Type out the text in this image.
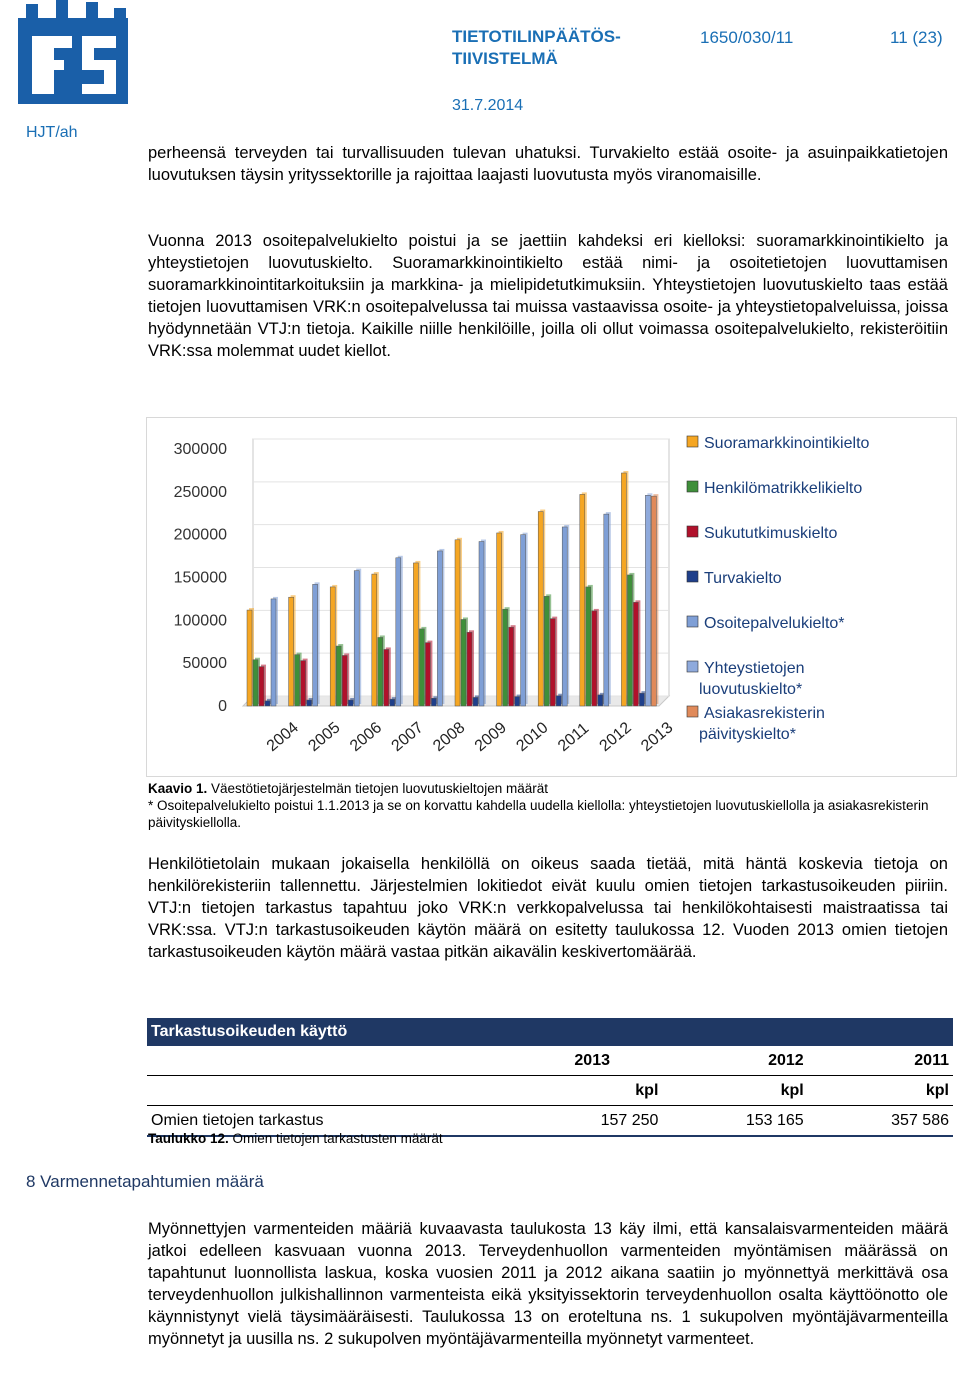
TIETOTILINPÄÄTÖS-
TIIVISTELMÄ
1650/030/11	11 (23)
31.7.2014
HJT/ah

perheensä terveyden tai turvallisuuden tulevan uhatuksi. Turvakielto estää osoite- ja asuinpaikkatietojen luovutuksen täysin yrityssektorille ja rajoittaa laajasti luovutusta myös viranomaisille.

Vuonna 2013 osoitepalvelukielto poistui ja se jaettiin kahdeksi eri kielloksi: suoramarkkinointikielto ja yhteystietojen luovutuskielto. Suoramarkkinointikielto estää nimi- ja osoitetietojen luovuttamisen suoramarkkinointitarkoituksiin ja markkina- ja mielipidetutkimuksiin. Yhteystietojen luovutuskielto taas estää tietojen luovuttamisen VRK:n osoitepalvelussa tai muissa vastaavissa osoite- ja yhteystietopalveluissa, joissa hyödynnetään VTJ:n tietoja. Kaikille niille henkilöille, joilla oli ollut voimassa osoitepalvelukielto, rekisteröitiin VRK:ssa molemmat uudet kiellot.

300000
250000
200000
150000
100000
50000
0
2004 2005 2006 2007 2008 2009 2010 2011 2012 2013
Suoramarkkinointikielto
Henkilömatrikkelikielto
Sukututkimuskielto
Turvakielto
Osoitepalvelukielto*
Yhteystietojen
luovutuskielto*
Asiakasrekisterin
päivityskielto*
Kaavio 1. Väestötietojärjestelmän tietojen luovutuskieltojen määrät
* Osoitepalvelukielto poistui 1.1.2013 ja se on korvattu kahdella uudella kiellolla: yhteystietojen luovutuskiellolla ja asiakasrekisterin päivityskiellolla.

Henkilötietolain mukaan jokaisella henkilöllä on oikeus saada tietää, mitä häntä koskevia tietoja on henkilörekisteriin tallennettu. Järjestelmien lokitiedot eivät kuulu omien tietojen tarkastusoikeuden piiriin. VTJ:n tietojen tarkastus tapahtuu joko VRK:n verkkopalvelussa tai henkilökohtaisesti maistraatissa tai VRK:ssa. VTJ:n tarkastusoikeuden käytön määrä on esitetty taulukossa 12. Vuoden 2013 omien tietojen tarkastusoikeuden käytön määrä vastaa pitkän aikavälin keskivertomäärää.

Tarkastusoikeuden käyttö
	2013	2012	2011
	kpl	kpl	kpl
Omien tietojen tarkastus	157 250	153 165	357 586
Taulukko 12. Omien tietojen tarkastusten määrät
8 Varmennetapahtumien määrä

Myönnettyjen varmenteiden määriä kuvaavasta taulukosta 13 käy ilmi, että kansalaisvarmenteiden määrä jatkoi edelleen kasvuaan vuonna 2013. Terveydenhuollon varmenteiden myöntämisen määrässä on tapahtunut luonnollista laskua, koska vuosien 2011 ja 2012 aikana saatiin jo myönnettyä merkittävä osa terveydenhuollon julkishallinnon varmenteista eikä yksityissektorin terveydenhuollon osalta käyttöönotto ole käynnistynyt vielä täysimääräisesti. Taulukossa 13 on eroteltuna ns. 1 sukupolven myöntäjävarmenteilla myönnetyt ja uusilla ns. 2 sukupolven myöntäjävarmenteilla myönnetyt varmenteet.
